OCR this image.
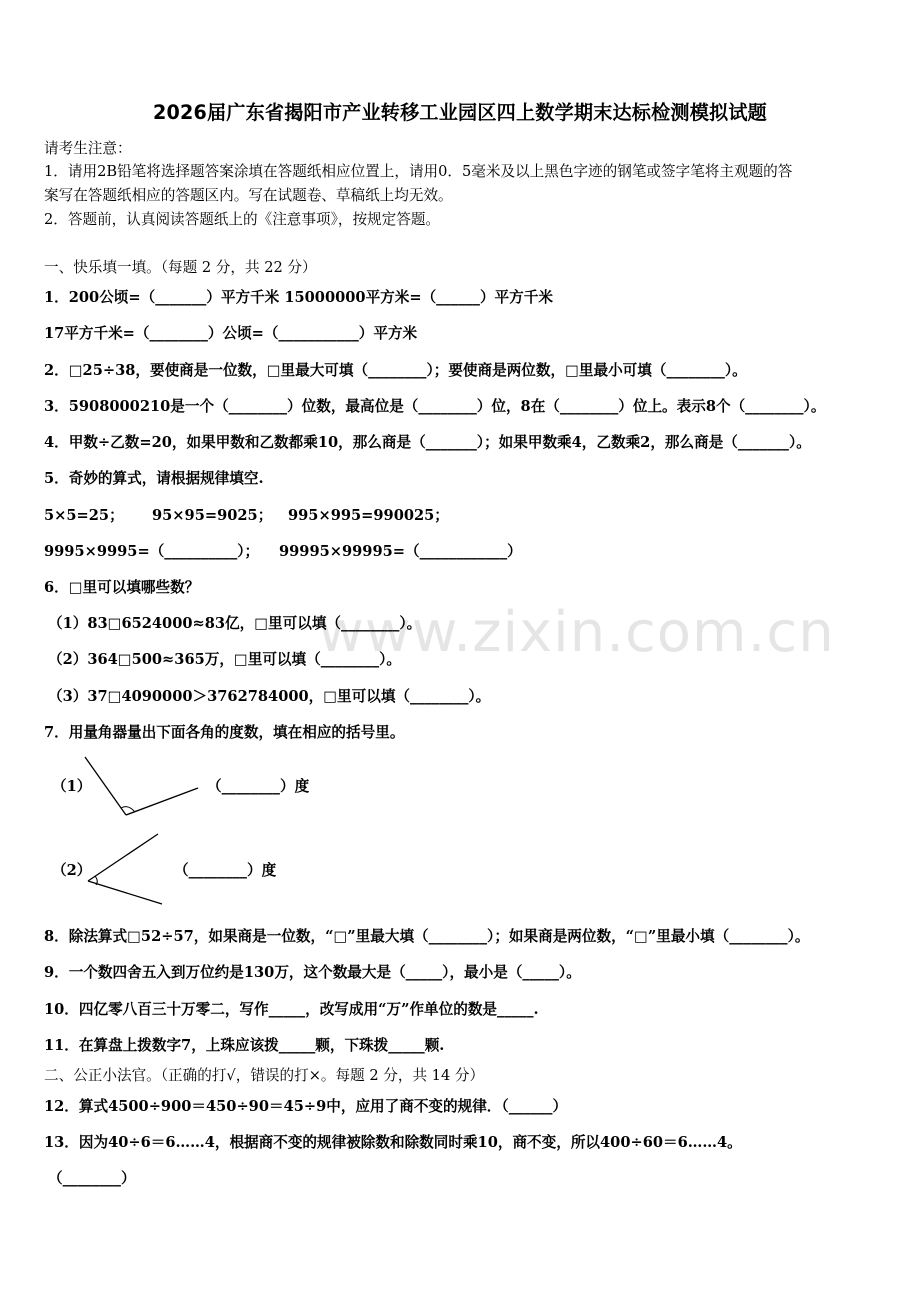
2026届广东省揭阳市产业转移工业园区四上数学期末达标检测模拟试题
请考生注意：
1．请用2B铅笔将选择题答案涂填在答题纸相应位置上，请用0．5毫米及以上黑色字迹的钢笔或签字笔将主观题的答
案写在答题纸相应的答题区内。写在试题卷、草稿纸上均无效。
2．答题前，认真阅读答题纸上的《注意事项》，按规定答题。
一、快乐填一填。（每题 2 分，共 22 分）
1．200公顷=（_______）平方千米 15000000平方米=（______）平方千米
17平方千米=（________）公顷=（___________）平方米
2．□25÷38，要使商是一位数，□里最大可填（________）；要使商是两位数，□里最小可填（________）。
3．5908000210是一个（________）位数，最高位是（________）位，8在（________）位上。表示8个（________）。
4．甲数÷乙数=20，如果甲数和乙数都乘10，那么商是（_______）；如果甲数乘4，乙数乘2，那么商是（_______）。
5．奇妙的算式，请根据规律填空.
5×5=25； 95×95=9025； 995×995=990025；
9995×9995=（__________）； 99995×99995=（____________）
6．□里可以填哪些数？
（1）83□6524000≈83亿，□里可以填（________）。
（2）364□500≈365万，□里可以填（________）。
（3）37□4090000＞3762784000，□里可以填（________）。
7．用量角器量出下面各角的度数，填在相应的括号里。
（1）	（________）度
（2）	（________）度
8．除法算式□52÷57，如果商是一位数，“□”里最大填（________）；如果商是两位数，“□”里最小填（________）。
9．一个数四舍五入到万位约是130万，这个数最大是（_____），最小是（_____）。
10．四亿零八百三十万零二，写作_____，改写成用“万”作单位的数是_____.
11．在算盘上拨数字7，上珠应该拨_____颗，下珠拨_____颗.
二、公正小法官。（正确的打√，错误的打×。每题 2 分，共 14 分）
12．算式4500÷900＝450÷90＝45÷9中，应用了商不变的规律．（______）
13．因为40÷6＝6……4，根据商不变的规律被除数和除数同时乘10，商不变，所以400÷60＝6……4。
（________）
www.zixin.com.cn
